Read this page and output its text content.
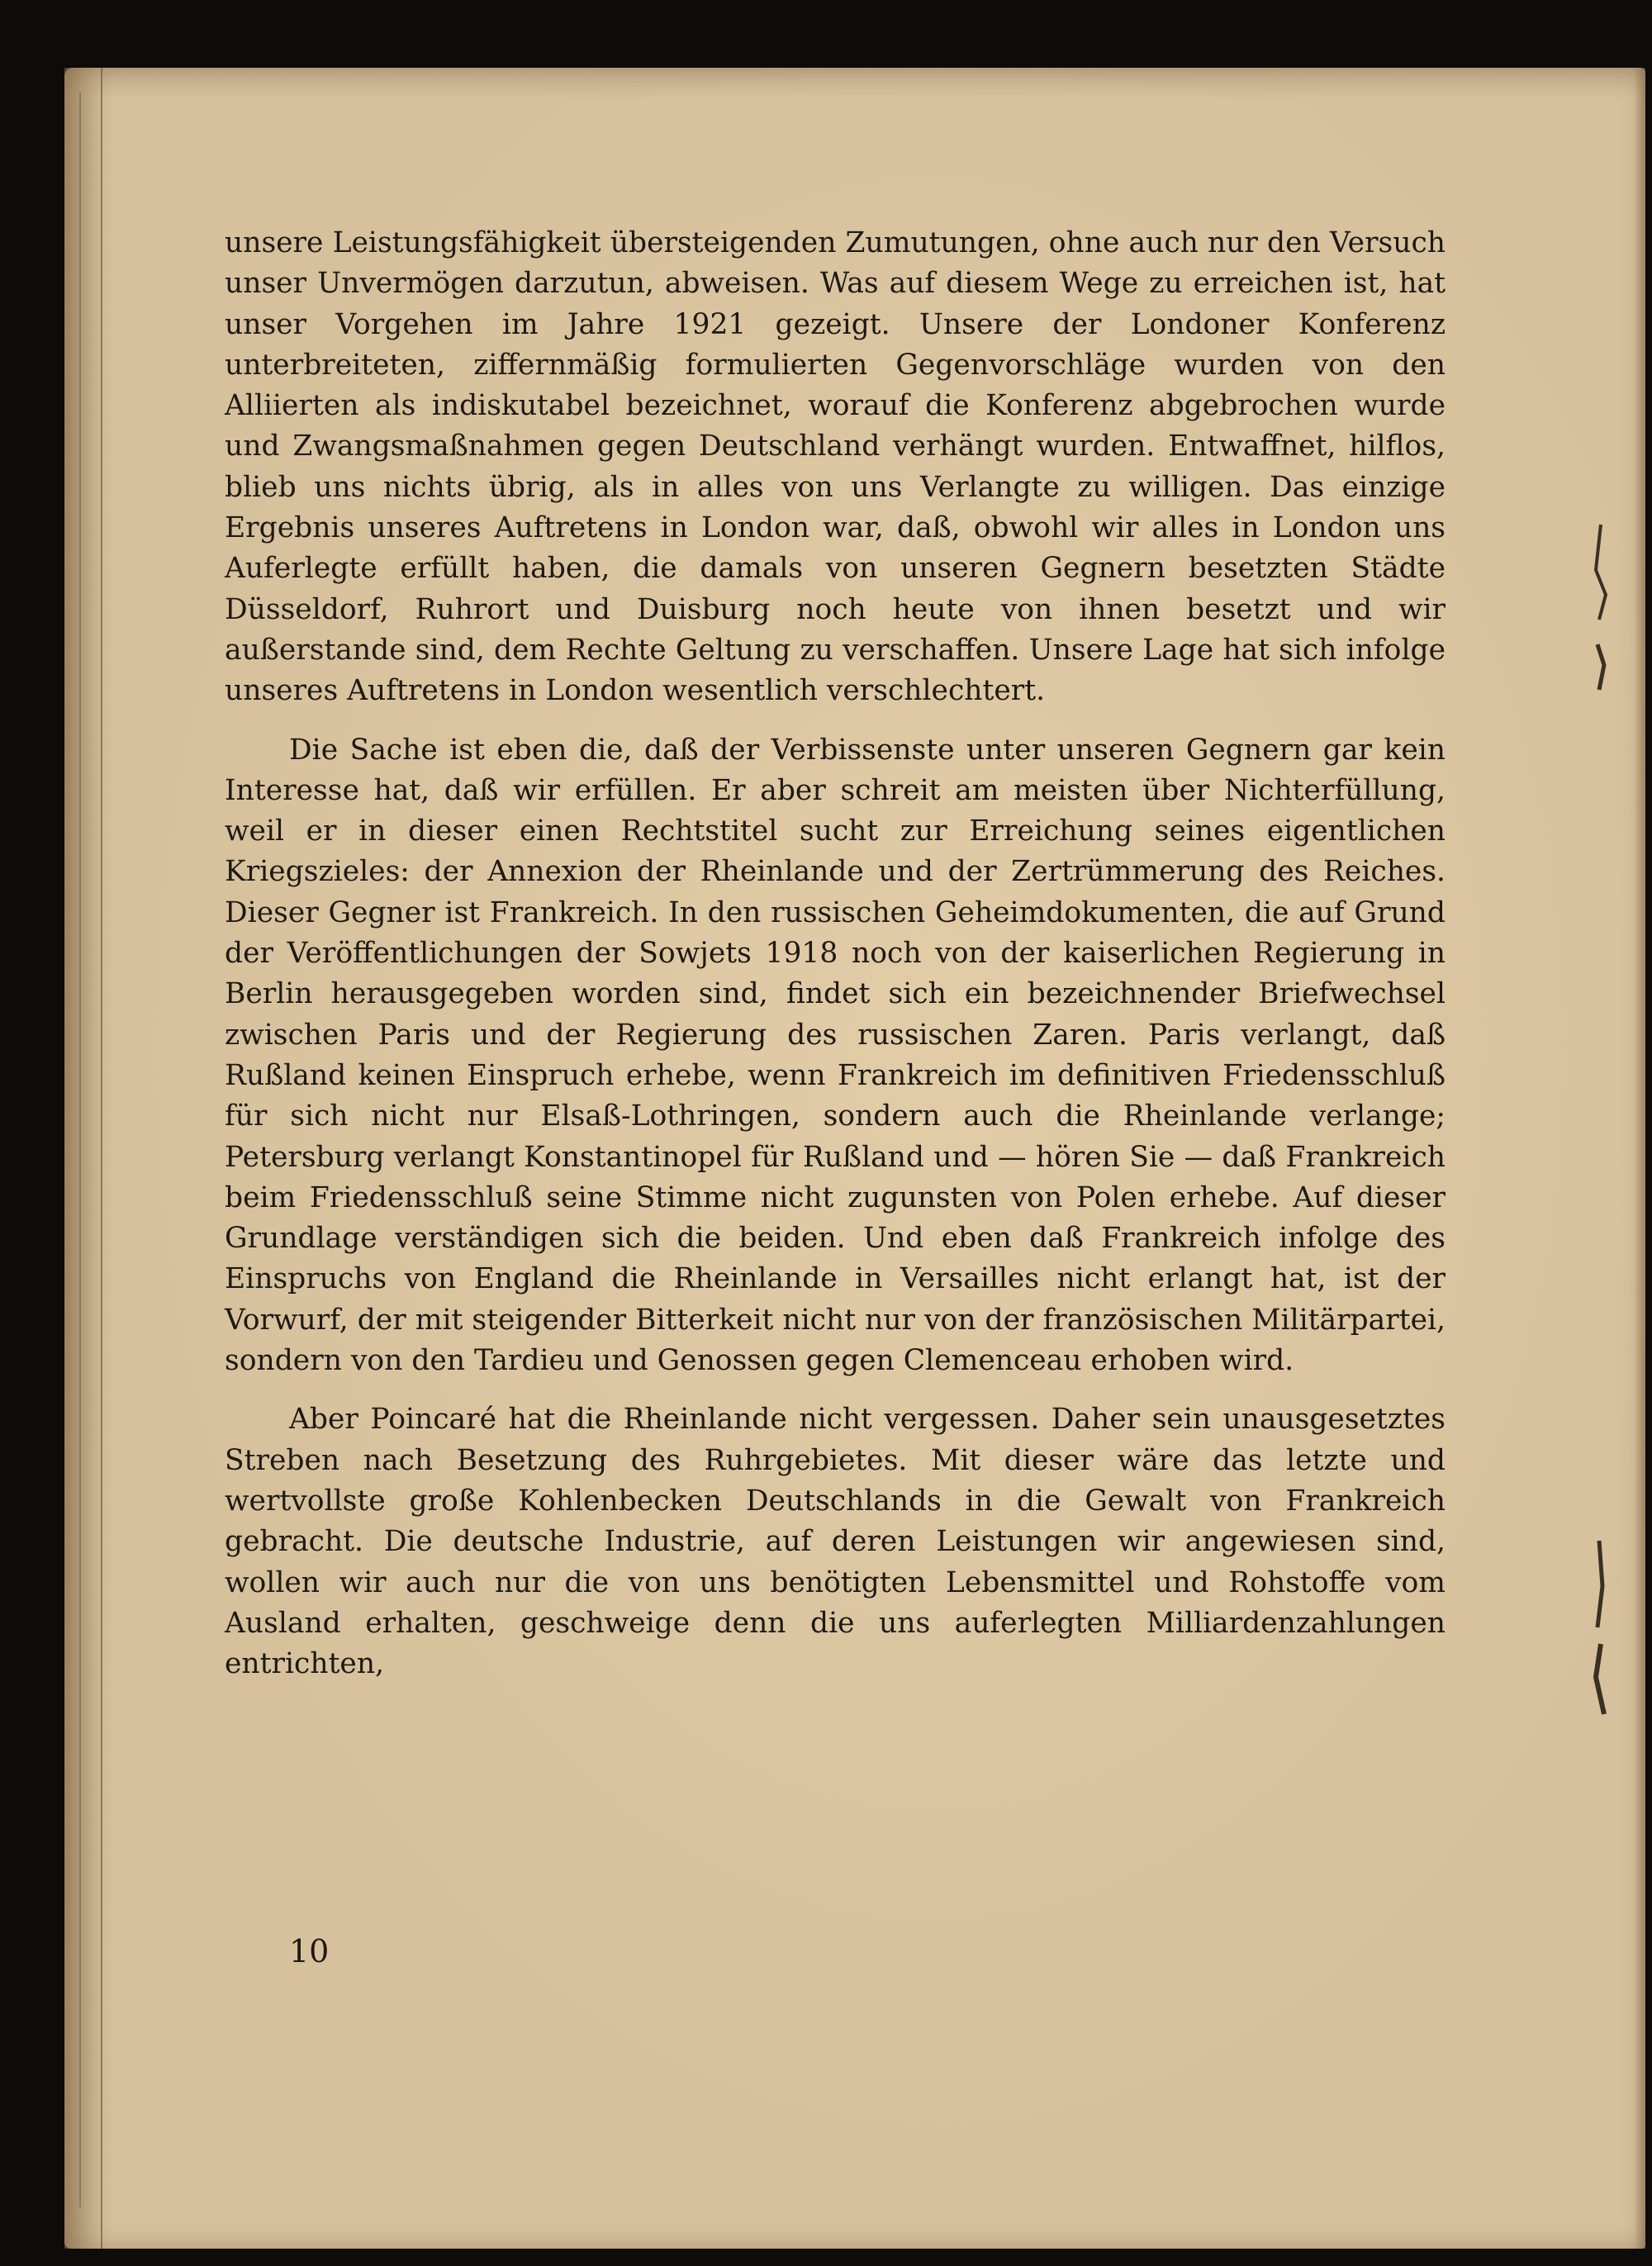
unsere Leistungsfähigkeit übersteigenden Zumutungen, ohne auch nur den Versuch unser Unvermögen darzutun, abweisen. Was auf diesem Wege zu erreichen ist, hat unser Vorgehen im Jahre 1921 gezeigt. Unsere der Londoner Konferenz unterbreiteten, ziffernmäßig formulierten Gegenvorschläge wurden von den Alliierten als indiskutabel bezeichnet, worauf die Konferenz abgebrochen wurde und Zwangsmaßnahmen gegen Deutschland verhängt wurden. Entwaffnet, hilflos, blieb uns nichts übrig, als in alles von uns Verlangte zu willigen. Das einzige Ergebnis unseres Auftretens in London war, daß, obwohl wir alles in London uns Auferlegte erfüllt haben, die damals von unseren Gegnern besetzten Städte Düsseldorf, Ruhrort und Duisburg noch heute von ihnen besetzt und wir außerstande sind, dem Rechte Geltung zu verschaffen. Unsere Lage hat sich infolge unseres Auftretens in London wesentlich verschlechtert.

Die Sache ist eben die, daß der Verbissenste unter unseren Gegnern gar kein Interesse hat, daß wir erfüllen. Er aber schreit am meisten über Nichterfüllung, weil er in dieser einen Rechtstitel sucht zur Erreichung seines eigentlichen Kriegszieles: der Annexion der Rheinlande und der Zertrümmerung des Reiches. Dieser Gegner ist Frankreich. In den russischen Geheimdokumenten, die auf Grund der Veröffentlichungen der Sowjets 1918 noch von der kaiserlichen Regierung in Berlin herausgegeben worden sind, findet sich ein bezeichnender Briefwechsel zwischen Paris und der Regierung des russischen Zaren. Paris verlangt, daß Rußland keinen Einspruch erhebe, wenn Frankreich im definitiven Friedensschluß für sich nicht nur Elsaß-Lothringen, sondern auch die Rheinlande verlange; Petersburg verlangt Konstantinopel für Rußland und — hören Sie — daß Frankreich beim Friedensschluß seine Stimme nicht zugunsten von Polen erhebe. Auf dieser Grundlage verständigen sich die beiden. Und eben daß Frankreich infolge des Einspruchs von England die Rheinlande in Versailles nicht erlangt hat, ist der Vorwurf, der mit steigender Bitterkeit nicht nur von der französischen Militärpartei, sondern von den Tardieu und Genossen gegen Clemenceau erhoben wird.

Aber Poincaré hat die Rheinlande nicht vergessen. Daher sein unausgesetztes Streben nach Besetzung des Ruhrgebietes. Mit dieser wäre das letzte und wertvollste große Kohlenbecken Deutschlands in die Gewalt von Frankreich gebracht. Die deutsche Industrie, auf deren Leistungen wir angewiesen sind, wollen wir auch nur die von uns benötigten Lebensmittel und Rohstoffe vom Ausland erhalten, geschweige denn die uns auferlegten Milliardenzahlungen entrichten,

10
